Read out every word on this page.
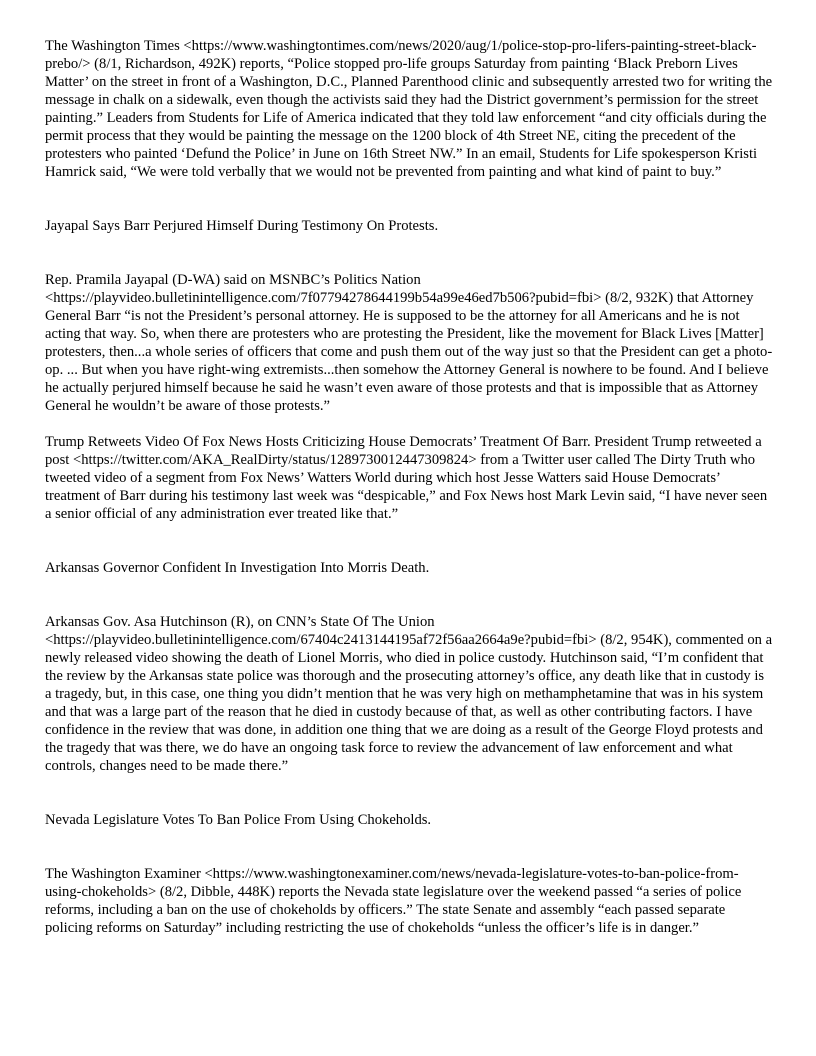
The Washington Times <https://www.washingtontimes.com/news/2020/aug/1/police-stop-pro-lifers-painting-street-black-prebo/> (8/1, Richardson, 492K) reports, “Police stopped pro-life groups Saturday from painting ‘Black Preborn Lives Matter’ on the street in front of a Washington, D.C., Planned Parenthood clinic and subsequently arrested two for writing the message in chalk on a sidewalk, even though the activists said they had the District government’s permission for the street painting.” Leaders from Students for Life of America indicated that they told law enforcement “and city officials during the permit process that they would be painting the message on the 1200 block of 4th Street NE, citing the precedent of the protesters who painted ‘Defund the Police’ in June on 16th Street NW.” In an email, Students for Life spokesperson Kristi Hamrick said, “We were told verbally that we would not be prevented from painting and what kind of paint to buy.”

Jayapal Says Barr Perjured Himself During Testimony On Protests.

Rep. Pramila Jayapal (D-WA) said on MSNBC’s Politics Nation <https://playvideo.bulletinintelligence.com/7f07794278644199b54a99e46ed7b506?pubid=fbi> (8/2, 932K) that Attorney General Barr “is not the President’s personal attorney. He is supposed to be the attorney for all Americans and he is not acting that way. So, when there are protesters who are protesting the President, like the movement for Black Lives [Matter] protesters, then...a whole series of officers that come and push them out of the way just so that the President can get a photo-op. ... But when you have right-wing extremists...then somehow the Attorney General is nowhere to be found. And I believe he actually perjured himself because he said he wasn’t even aware of those protests and that is impossible that as Attorney General he wouldn’t be aware of those protests.”

Trump Retweets Video Of Fox News Hosts Criticizing House Democrats’ Treatment Of Barr. President Trump retweeted a post <https://twitter.com/AKA_RealDirty/status/1289730012447309824> from a Twitter user called The Dirty Truth who tweeted video of a segment from Fox News’ Watters World during which host Jesse Watters said House Democrats’ treatment of Barr during his testimony last week was “despicable,” and Fox News host Mark Levin said, “I have never seen a senior official of any administration ever treated like that.”

Arkansas Governor Confident In Investigation Into Morris Death.

Arkansas Gov. Asa Hutchinson (R), on CNN’s State Of The Union <https://playvideo.bulletinintelligence.com/67404c2413144195af72f56aa2664a9e?pubid=fbi> (8/2, 954K), commented on a newly released video showing the death of Lionel Morris, who died in police custody. Hutchinson said, “I’m confident that the review by the Arkansas state police was thorough and the prosecuting attorney’s office, any death like that in custody is a tragedy, but, in this case, one thing you didn’t mention that he was very high on methamphetamine that was in his system and that was a large part of the reason that he died in custody because of that, as well as other contributing factors. I have confidence in the review that was done, in addition one thing that we are doing as a result of the George Floyd protests and the tragedy that was there, we do have an ongoing task force to review the advancement of law enforcement and what controls, changes need to be made there.”

Nevada Legislature Votes To Ban Police From Using Chokeholds.

The Washington Examiner <https://www.washingtonexaminer.com/news/nevada-legislature-votes-to-ban-police-from-using-chokeholds> (8/2, Dibble, 448K) reports the Nevada state legislature over the weekend passed “a series of police reforms, including a ban on the use of chokeholds by officers.” The state Senate and assembly “each passed separate policing reforms on Saturday” including restricting the use of chokeholds “unless the officer’s life is in danger.”
